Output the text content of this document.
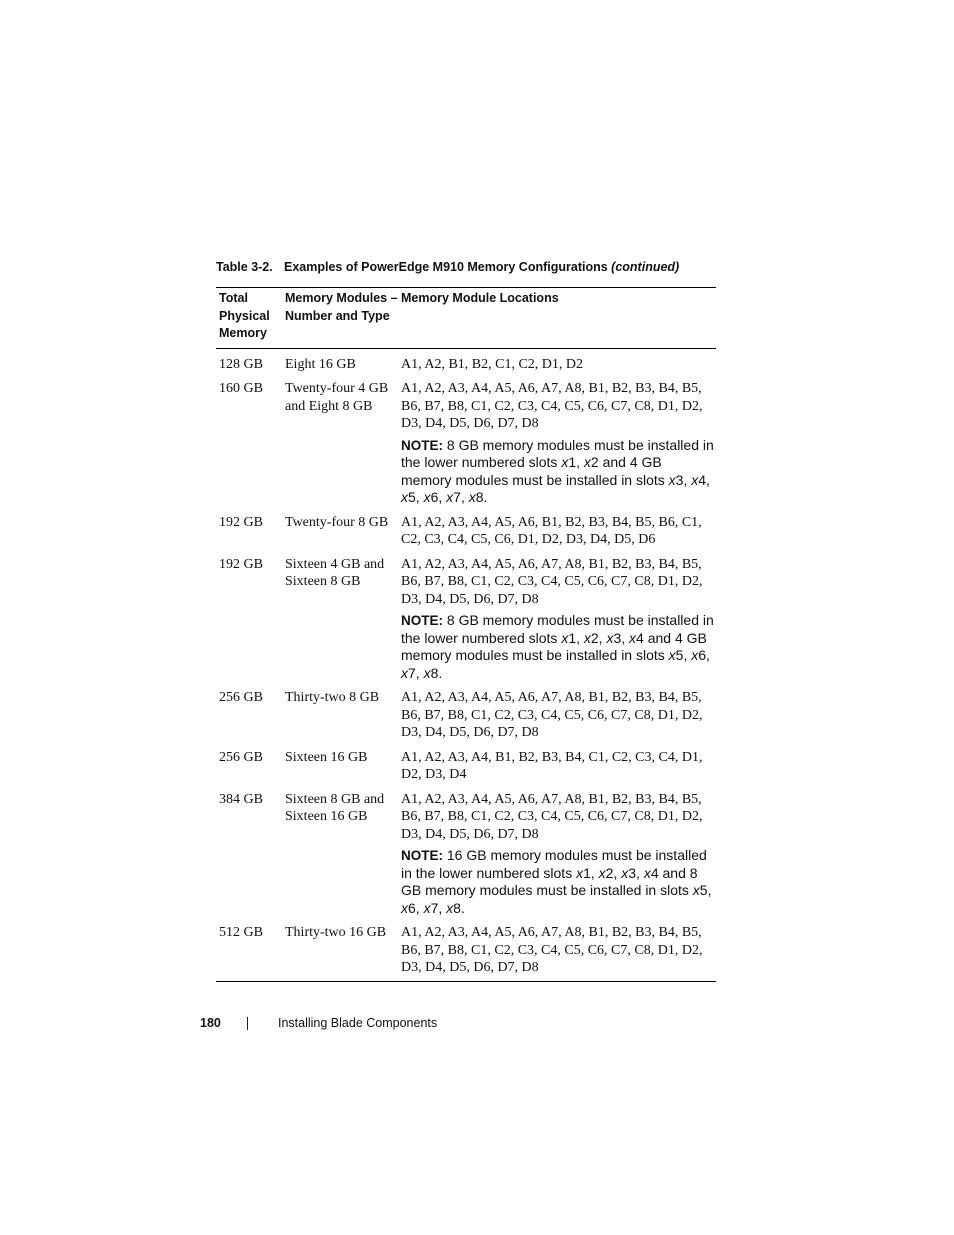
Table 3-2. Examples of PowerEdge M910 Memory Configurations (continued)
Total Physical Memory	Memory Modules – Number and Type	Memory Module Locations
128 GB	Eight 16 GB	A1, A2, B1, B2, C1, C2, D1, D2
160 GB	Twenty-four 4 GB and Eight 8 GB	A1, A2, A3, A4, A5, A6, A7, A8, B1, B2, B3, B4, B5, B6, B7, B8, C1, C2, C3, C4, C5, C6, C7, C8, D1, D2, D3, D4, D5, D6, D7, D8
		NOTE: 8 GB memory modules must be installed in the lower numbered slots x1, x2 and 4 GB memory modules must be installed in slots x3, x4, x5, x6, x7, x8.
192 GB	Twenty-four 8 GB	A1, A2, A3, A4, A5, A6, B1, B2, B3, B4, B5, B6, C1, C2, C3, C4, C5, C6, D1, D2, D3, D4, D5, D6
192 GB	Sixteen 4 GB and Sixteen 8 GB	A1, A2, A3, A4, A5, A6, A7, A8, B1, B2, B3, B4, B5, B6, B7, B8, C1, C2, C3, C4, C5, C6, C7, C8, D1, D2, D3, D4, D5, D6, D7, D8
		NOTE: 8 GB memory modules must be installed in the lower numbered slots x1, x2, x3, x4 and 4 GB memory modules must be installed in slots x5, x6, x7, x8.
256 GB	Thirty-two 8 GB	A1, A2, A3, A4, A5, A6, A7, A8, B1, B2, B3, B4, B5, B6, B7, B8, C1, C2, C3, C4, C5, C6, C7, C8, D1, D2, D3, D4, D5, D6, D7, D8
256 GB	Sixteen 16 GB	A1, A2, A3, A4, B1, B2, B3, B4, C1, C2, C3, C4, D1, D2, D3, D4
384 GB	Sixteen 8 GB and Sixteen 16 GB	A1, A2, A3, A4, A5, A6, A7, A8, B1, B2, B3, B4, B5, B6, B7, B8, C1, C2, C3, C4, C5, C6, C7, C8, D1, D2, D3, D4, D5, D6, D7, D8
		NOTE: 16 GB memory modules must be installed in the lower numbered slots x1, x2, x3, x4 and 8 GB memory modules must be installed in slots x5, x6, x7, x8.
512 GB	Thirty-two 16 GB	A1, A2, A3, A4, A5, A6, A7, A8, B1, B2, B3, B4, B5, B6, B7, B8, C1, C2, C3, C4, C5, C6, C7, C8, D1, D2, D3, D4, D5, D6, D7, D8
180	Installing Blade Components
